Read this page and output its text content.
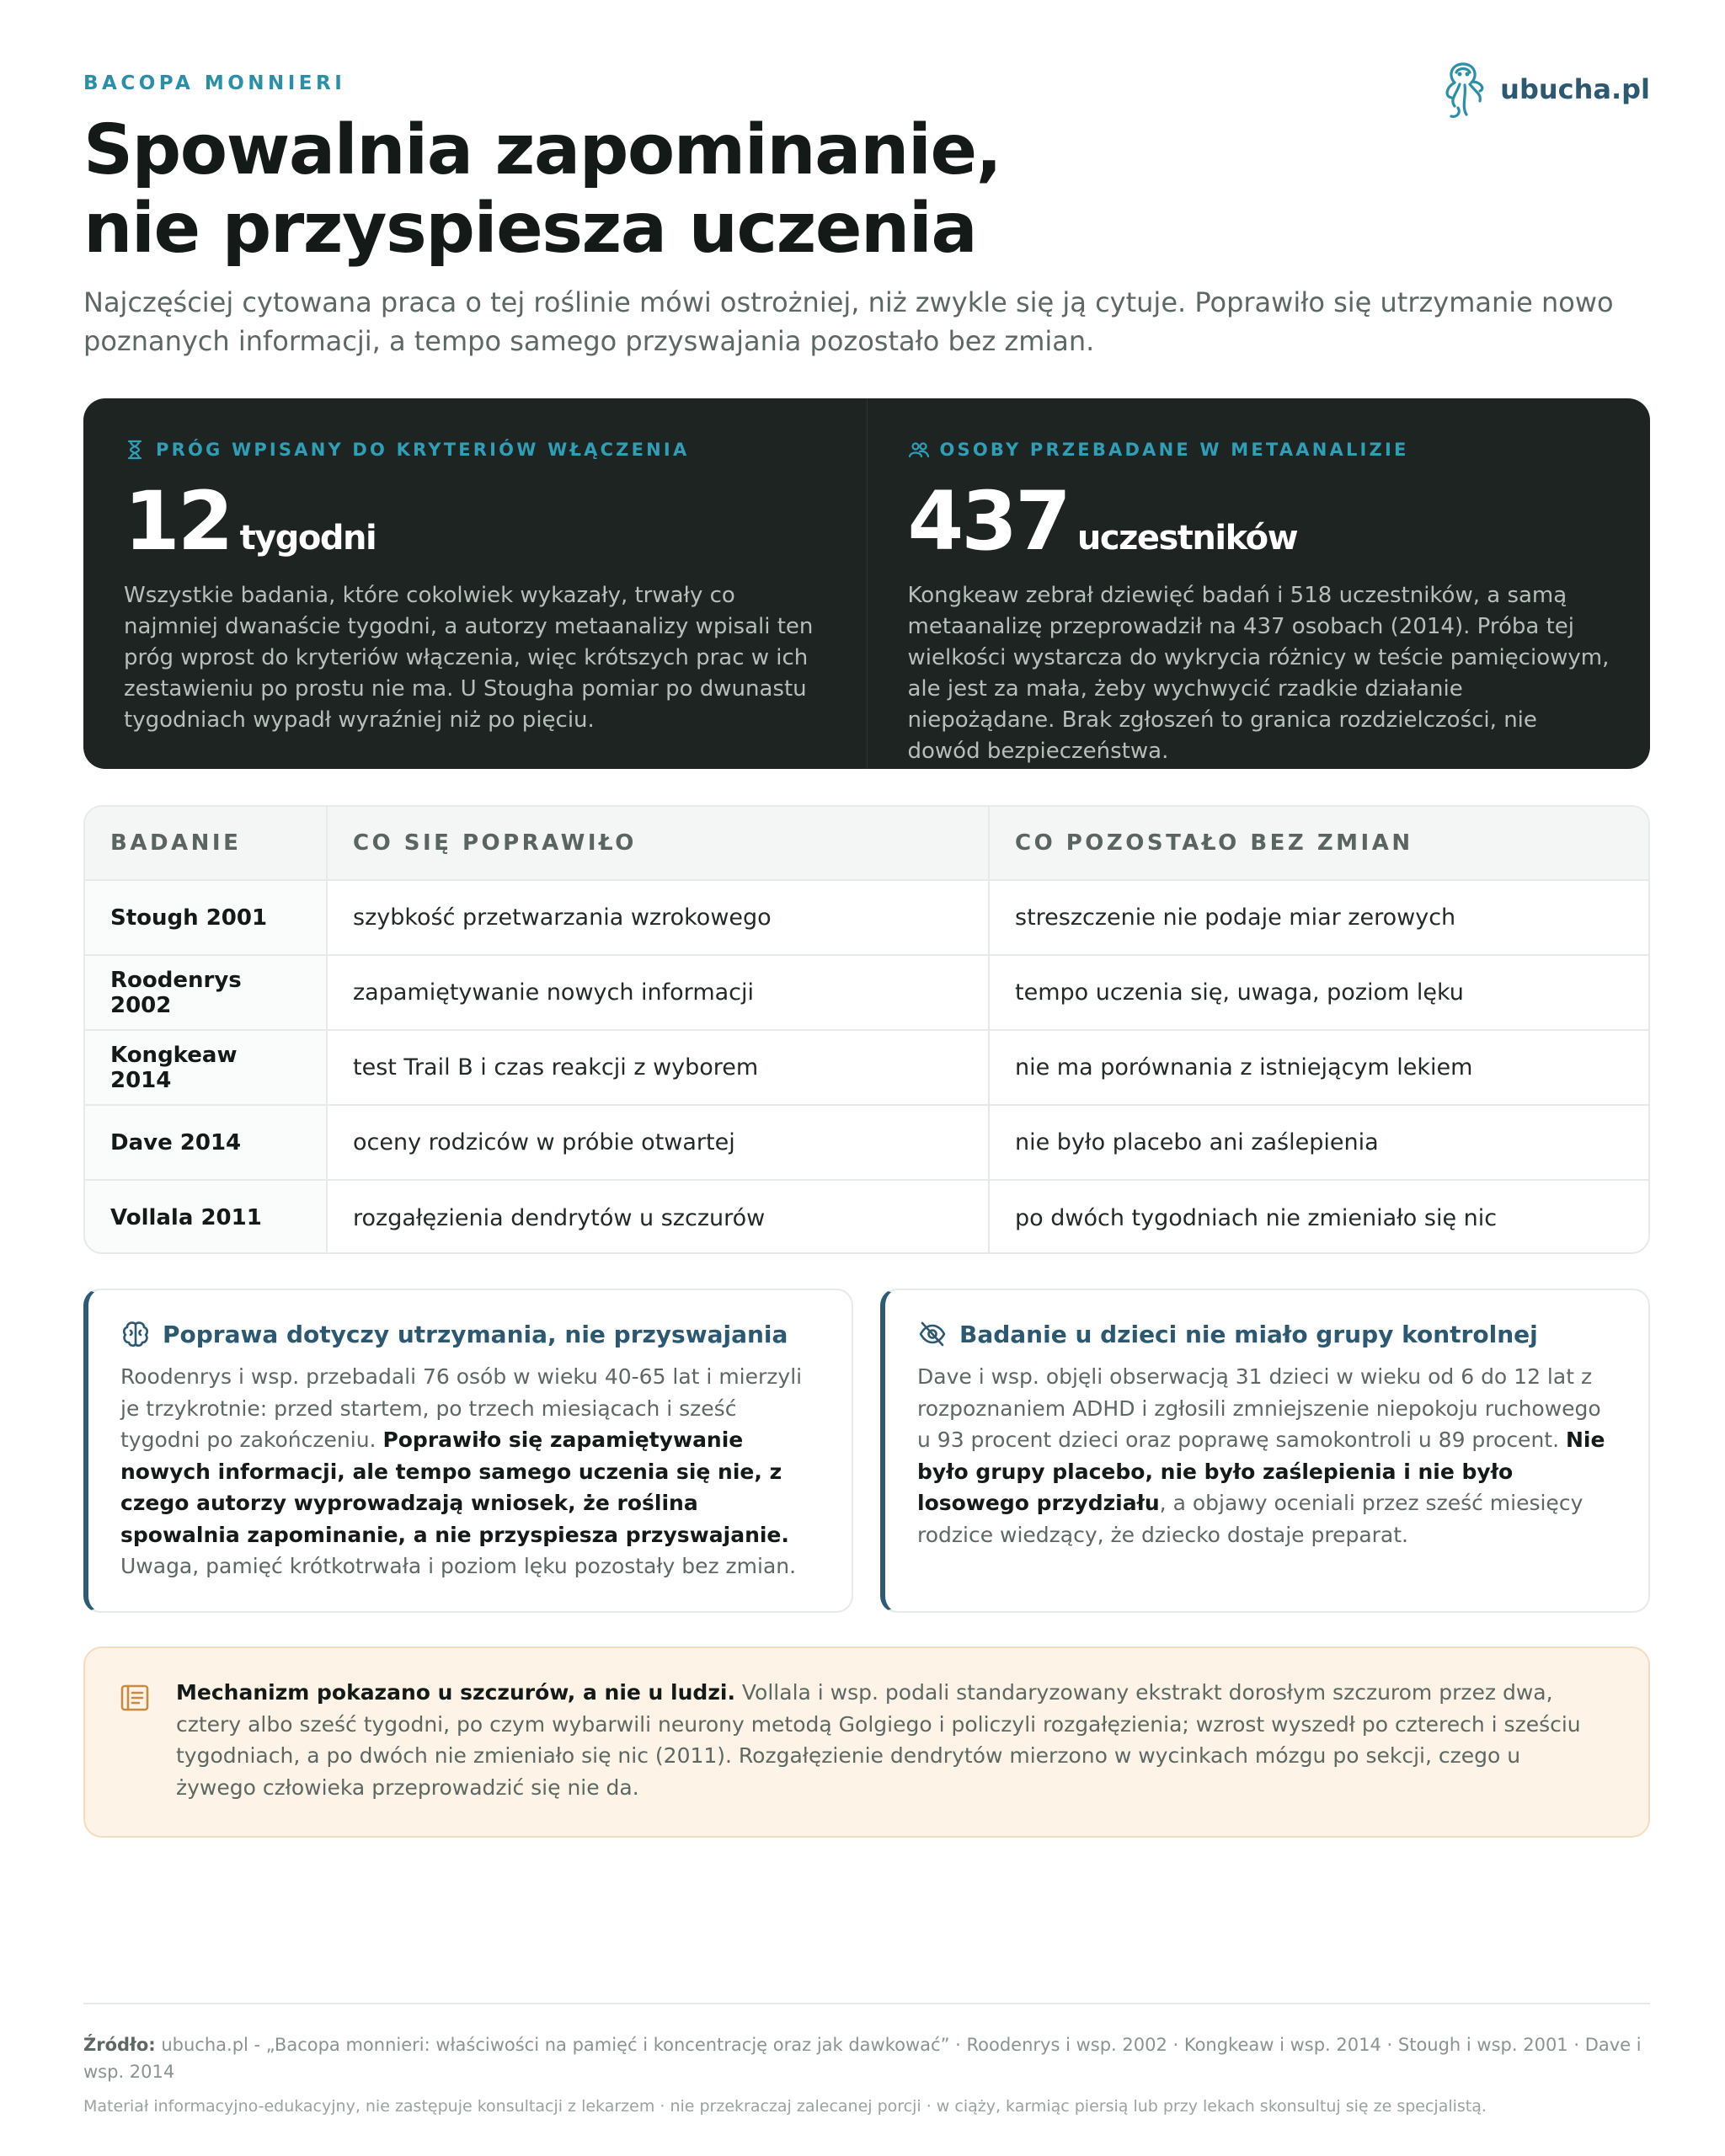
BACOPA MONNIERI	ubucha.pl
Spowalnia zapominanie,
nie przyspiesza uczenia

Najczęściej cytowana praca o tej roślinie mówi ostrożniej, niż zwykle się ją cytuje. Poprawiło się utrzymanie nowo poznanych informacji, a tempo samego przyswajania pozostało bez zmian.

PRÓG WPISANY DO KRYTERIÓW WŁĄCZENIA
12 tygodni

Wszystkie badania, które cokolwiek wykazały, trwały co najmniej dwanaście tygodni, a autorzy metaanalizy wpisali ten próg wprost do kryteriów włączenia, więc krótszych prac w ich zestawieniu po prostu nie ma. U Stougha pomiar po dwunastu tygodniach wypadł wyraźniej niż po pięciu.

OSOBY PRZEBADANE W METAANALIZIE
437 uczestników

Kongkeaw zebrał dziewięć badań i 518 uczestników, a samą metaanalizę przeprowadził na 437 osobach (2014). Próba tej wielkości wystarcza do wykrycia różnicy w teście pamięciowym, ale jest za mała, żeby wychwycić rzadkie działanie niepożądane. Brak zgłoszeń to granica rozdzielczości, nie dowód bezpieczeństwa.

BADANIE	CO SIĘ POPRAWIŁO	CO POZOSTAŁO BEZ ZMIAN
Stough 2001	szybkość przetwarzania wzrokowego	streszczenie nie podaje miar zerowych
Roodenrys 2002	zapamiętywanie nowych informacji	tempo uczenia się, uwaga, poziom lęku
Kongkeaw 2014	test Trail B i czas reakcji z wyborem	nie ma porównania z istniejącym lekiem
Dave 2014	oceny rodziców w próbie otwartej	nie było placebo ani zaślepienia
Vollala 2011	rozgałęzienia dendrytów u szczurów	po dwóch tygodniach nie zmieniało się nic
Poprawa dotyczy utrzymania, nie przyswajania

Roodenrys i wsp. przebadali 76 osób w wieku 40-65 lat i mierzyli je trzykrotnie: przed startem, po trzech miesiącach i sześć tygodni po zakończeniu. Poprawiło się zapamiętywanie nowych informacji, ale tempo samego uczenia się nie, z czego autorzy wyprowadzają wniosek, że roślina spowalnia zapominanie, a nie przyspiesza przyswajanie. Uwaga, pamięć krótkotrwała i poziom lęku pozostały bez zmian.

Badanie u dzieci nie miało grupy kontrolnej

Dave i wsp. objęli obserwacją 31 dzieci w wieku od 6 do 12 lat z rozpoznaniem ADHD i zgłosili zmniejszenie niepokoju ruchowego u 93 procent dzieci oraz poprawę samokontroli u 89 procent. Nie było grupy placebo, nie było zaślepienia i nie było losowego przydziału, a objawy oceniali przez sześć miesięcy rodzice wiedzący, że dziecko dostaje preparat.

Mechanizm pokazano u szczurów, a nie u ludzi. Vollala i wsp. podali standaryzowany ekstrakt dorosłym szczurom przez dwa, cztery albo sześć tygodni, po czym wybarwili neurony metodą Golgiego i policzyli rozgałęzienia; wzrost wyszedł po czterech i sześciu tygodniach, a po dwóch nie zmieniało się nic (2011). Rozgałęzienie dendrytów mierzono w wycinkach mózgu po sekcji, czego u żywego człowieka przeprowadzić się nie da.

Źródło: ubucha.pl - „Bacopa monnieri: właściwości na pamięć i koncentrację oraz jak dawkować” · Roodenrys i wsp. 2002 · Kongkeaw i wsp. 2014 · Stough i wsp. 2001 · Dave i wsp. 2014

Materiał informacyjno-edukacyjny, nie zastępuje konsultacji z lekarzem · nie przekraczaj zalecanej porcji · w ciąży, karmiąc piersią lub przy lekach skonsultuj się ze specjalistą.
